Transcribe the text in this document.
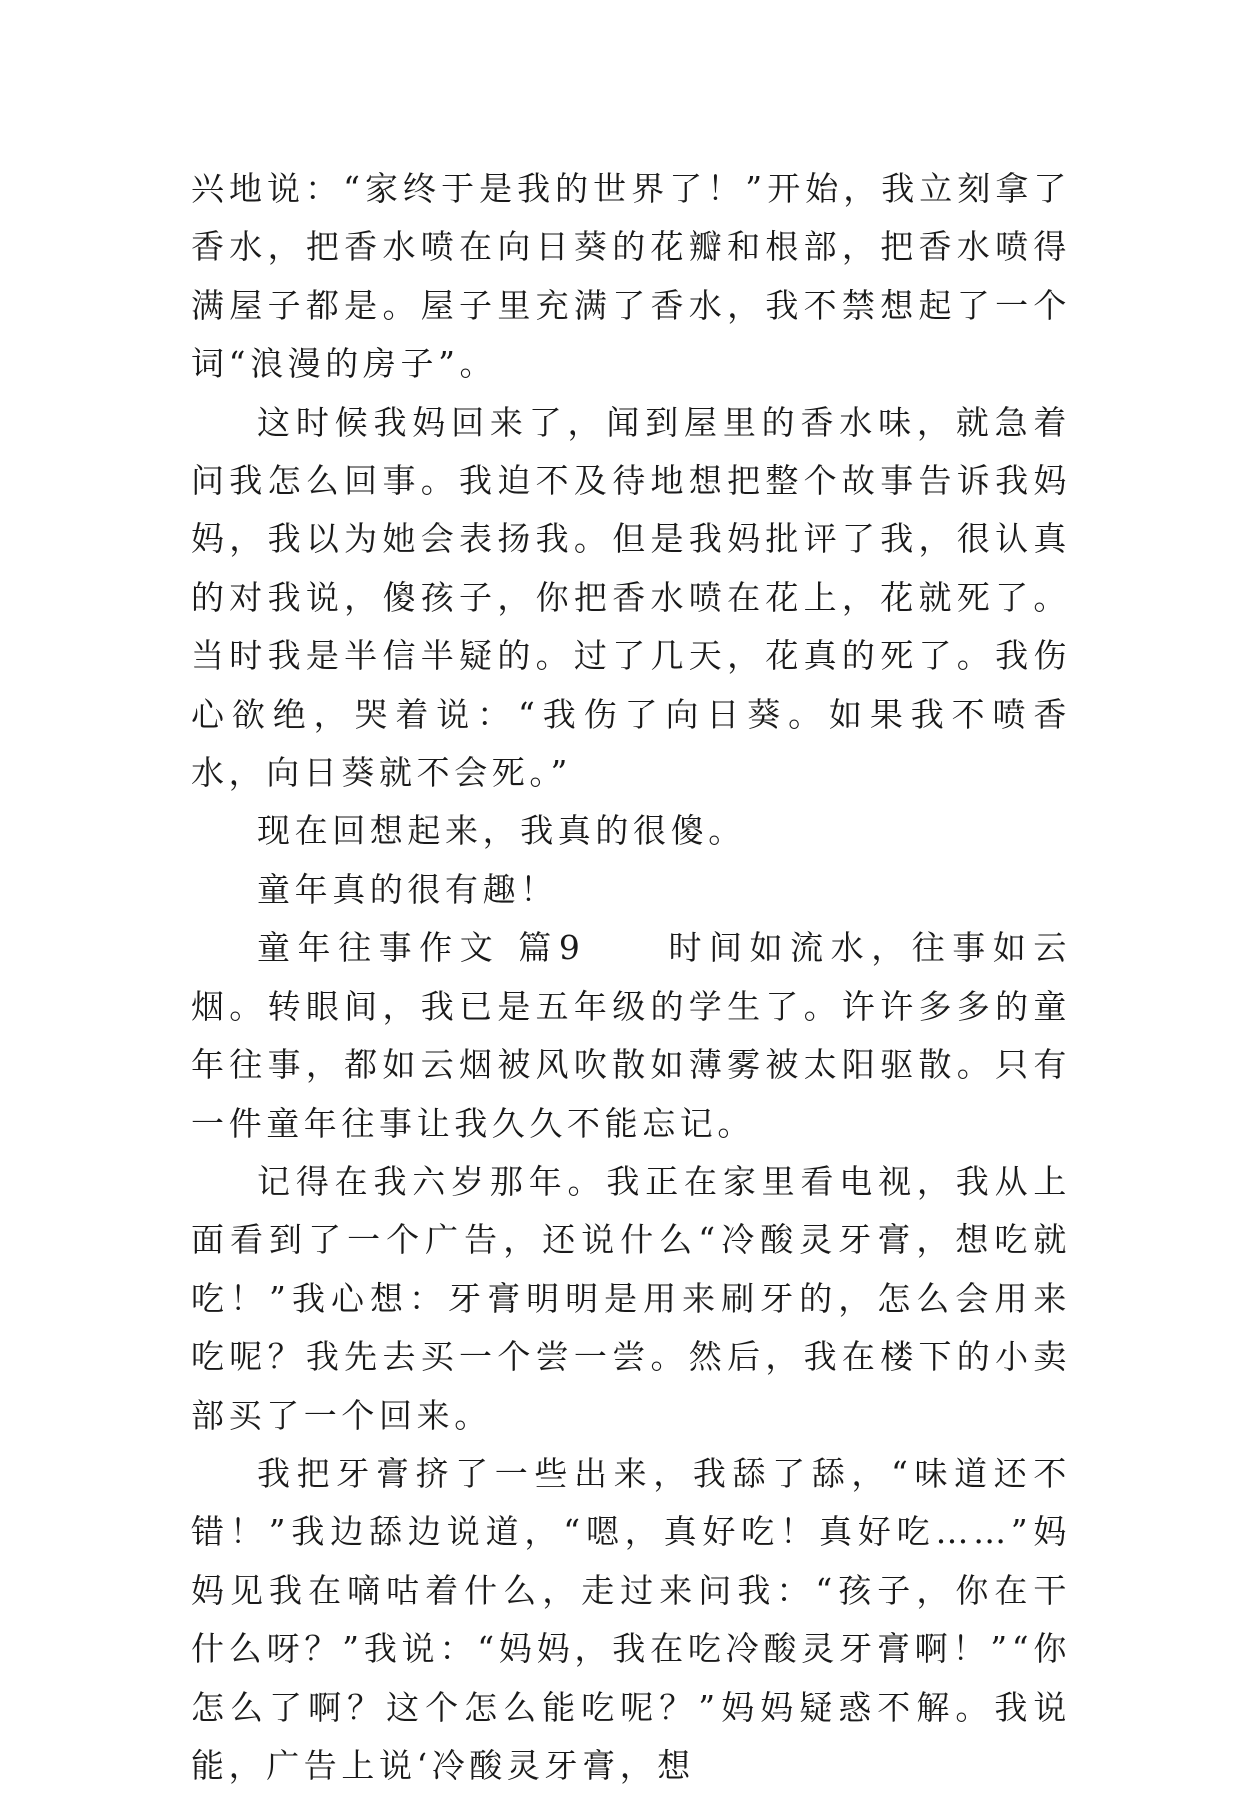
兴地说：“家终于是我的世界了！”开始，我立刻拿了香水，把香水喷在向日葵的花瓣和根部，把香水喷得满屋子都是。屋子里充满了香水，我不禁想起了一个词“浪漫的房子”。

这时候我妈回来了，闻到屋里的香水味，就急着问我怎么回事。我迫不及待地想把整个故事告诉我妈妈，我以为她会表扬我。但是我妈批评了我，很认真的对我说，傻孩子，你把香水喷在花上，花就死了。当时我是半信半疑的。过了几天，花真的死了。我伤心欲绝，哭着说：“我伤了向日葵。如果我不喷香水，向日葵就不会死。”

现在回想起来，我真的很傻。

童年真的很有趣！

童年往事作文 篇9　　时间如流水，往事如云烟。转眼间，我已是五年级的学生了。许许多多的童年往事，都如云烟被风吹散如薄雾被太阳驱散。只有一件童年往事让我久久不能忘记。

记得在我六岁那年。我正在家里看电视，我从上面看到了一个广告，还说什么“冷酸灵牙膏，想吃就吃！”我心想：牙膏明明是用来刷牙的，怎么会用来吃呢？我先去买一个尝一尝。然后，我在楼下的小卖部买了一个回来。

我把牙膏挤了一些出来，我舔了舔，“味道还不错！”我边舔边说道，“嗯，真好吃！真好吃……”妈妈见我在嘀咕着什么，走过来问我：“孩子，你在干什么呀？”我说：“妈妈，我在吃冷酸灵牙膏啊！”“你怎么了啊？这个怎么能吃呢？”妈妈疑惑不解。我说能，广告上说‘冷酸灵牙膏，想
